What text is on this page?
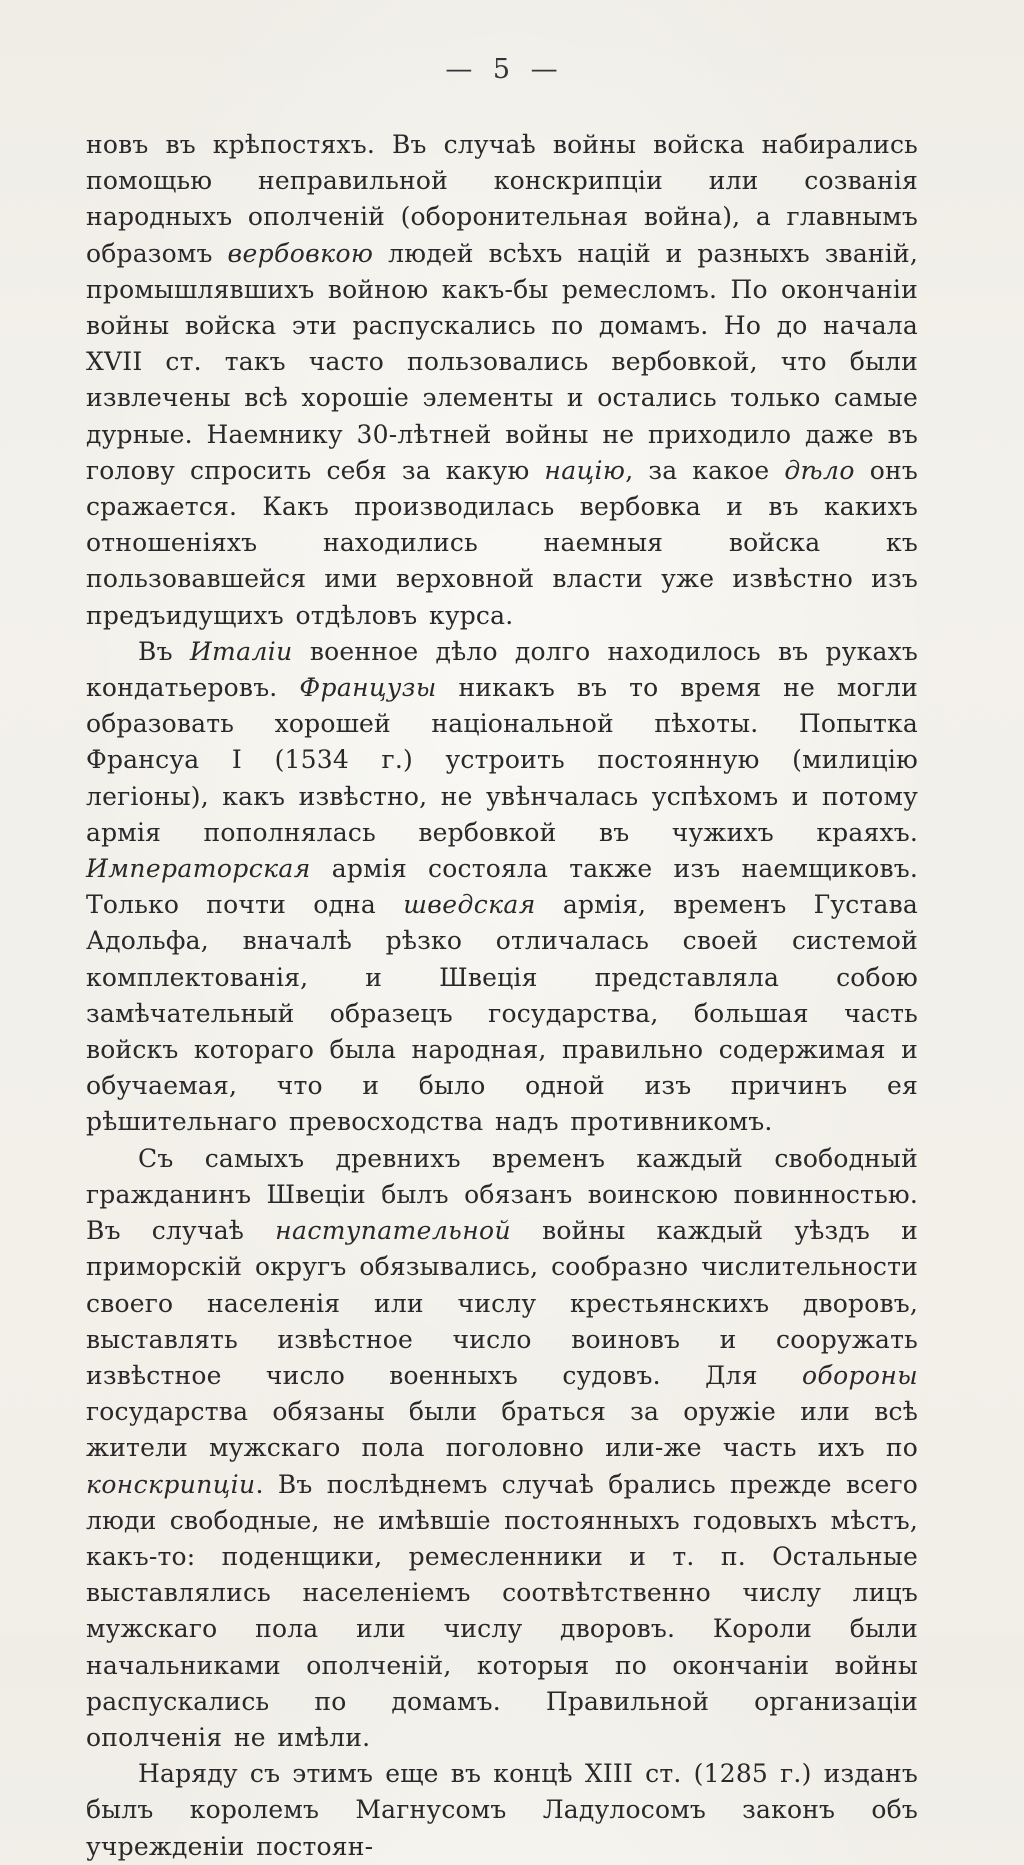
— 5 —

новъ въ крѣпостяхъ. Въ случаѣ войны войска набирались помощью неправильной конскрипціи или созванія народныхъ ополченій (оборонительная война), а главнымъ образомъ вербовкою людей всѣхъ націй и разныхъ званій, промышлявшихъ войною какъ-бы ремесломъ. По окончаніи войны войска эти распускались по домамъ. Но до начала XVII ст. такъ часто пользовались вербовкой, что были извлечены всѣ хорошіе элементы и остались только самые дурные. Наемнику 30-лѣтней войны не приходило даже въ голову спросить себя за какую націю, за какое дѣло онъ сражается. Какъ производилась вербовка и въ какихъ отношеніяхъ находились наемныя войска къ пользовавшейся ими верховной власти уже извѣстно изъ предъидущихъ отдѣловъ курса.

Въ Италіи военное дѣло долго находилось въ рукахъ кондатьеровъ. Французы никакъ въ то время не могли образовать хорошей національной пѣхоты. Попытка Франсуа I (1534 г.) устроить постоянную (милицію легіоны), какъ извѣстно, не увѣнчалась успѣхомъ и потому армія пополнялась вербовкой въ чужихъ краяхъ. Императорская армія состояла также изъ наемщиковъ. Только почти одна шведская армія, временъ Густава Адольфа, вначалѣ рѣзко отличалась своей системой комплектованія, и Швеція представляла собою замѣчательный образецъ государства, большая часть войскъ котораго была народная, правильно содержимая и обучаемая, что и было одной изъ причинъ ея рѣшительнаго превосходства надъ противникомъ.

Съ самыхъ древнихъ временъ каждый свободный гражданинъ Швеціи былъ обязанъ воинскою повинностью. Въ случаѣ наступательной войны каждый уѣздъ и приморскій округъ обязывались, сообразно числительности своего населенія или числу крестьянскихъ дворовъ, выставлять извѣстное число воиновъ и сооружать извѣстное число военныхъ судовъ. Для обороны государства обязаны были браться за оружіе или всѣ жители мужскаго пола поголовно или-же часть ихъ по конскрипціи. Въ послѣднемъ случаѣ брались прежде всего люди свободные, не имѣвшіе постоянныхъ годовыхъ мѣстъ, какъ-то: поденщики, ремесленники и т. п. Остальные выставлялись населеніемъ соотвѣтственно числу лицъ мужскаго пола или числу дворовъ. Короли были начальниками ополченій, которыя по окончаніи войны распускались по домамъ. Правильной организаціи ополченія не имѣли.

Наряду съ этимъ еще въ концѣ XIII ст. (1285 г.) изданъ былъ королемъ Магнусомъ Ладулосомъ законъ объ учрежденіи постоян-
